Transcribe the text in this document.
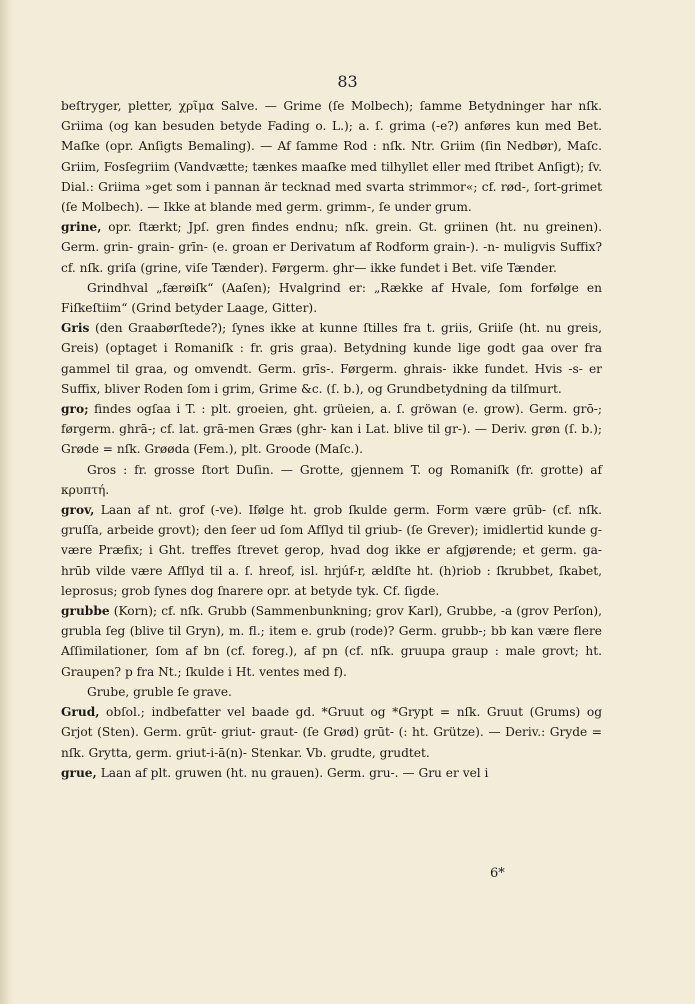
83

beſtryger, pletter, χρῖμα Salve. — Grime (ſe Molbech); ſamme Betydninger har nſk. Griima (og kan besuden betyde Fading o. L.); a. ſ. grima (-e?) anføres kun med Bet. Maſke (opr. Anſigts Bemaling). — Af ſamme Rod : nſk. Ntr. Griim (ſin Nedbør), Maſc. Griim, Fosſegriim (Vandvætte; tænkes maaſke med tilhyllet eller med ſtribet Anſigt); ſv. Dial.: Griima »get som i pannan är tecknad med svarta strimmor«; cf. rød-, ſort-grimet (ſe Molbech). — Ikke at blande med germ. grimm-, ſe under grum.

grine, opr. ſtærkt; Jpſ. gren findes endnu; nſk. grein. Gt. griinen (ht. nu greinen). Germ. grin- grain- grīn- (e. groan er Derivatum af Rodform grain-). -n- muligvis Suffix? cf. nſk. griſa (grine, viſe Tænder). Førgerm. ghr— ikke fundet i Bet. viſe Tænder.

Grindhval „færøiſk“ (Aaſen); Hvalgrind er: „Række af Hvale, ſom forfølge en Fiſkeſtiim“ (Grind betyder Laage, Gitter).

Gris (den Graabørſtede?); ſynes ikke at kunne ſtilles fra t. griis, Griiſe (ht. nu greis, Greis) (optaget i Romaniſk : fr. gris graa). Betydning kunde lige godt gaa over fra gammel til graa, og omvendt. Germ. grīs-. Førgerm. ghrais- ikke fundet. Hvis -s- er Suffix, bliver Roden ſom i grim, Grime &c. (ſ. b.), og Grundbetydning da tilſmurt.

gro; findes ogſaa i T. : plt. groeien, ght. grüeien, a. ſ. gröwan (e. grow). Germ. grō-; førgerm. ghrā-; cf. lat. grā-men Græs (ghr- kan i Lat. blive til gr-). — Deriv. grøn (ſ. b.); Grøde = nſk. Grøøda (Fem.), plt. Groode (Maſc.).

Gros : fr. grosse ſtort Duſin. — Grotte, gjennem T. og Romaniſk (fr. grotte) af κρυπτή.

grov, Laan af nt. grof (-ve). Ifølge ht. grob ſkulde germ. Form være grūb- (cf. nſk. gruſſa, arbeide grovt); den ſeer ud ſom Afſlyd til griub- (ſe Grever); imidlertid kunde g- være Præfix; i Ght. treffes ſtrevet gerop, hvad dog ikke er afgjørende; et germ. ga-hrūb vilde være Afſlyd til a. ſ. hreof, isl. hrjúf-r, ældſte ht. (h)riob : ſkrubbet, ſkabet, leprosus; grob ſynes dog ſnarere opr. at betyde tyk. Cf. ſigde.

grubbe (Korn); cf. nſk. Grubb (Sammenbunkning; grov Karl), Grubbe, -a (grov Perſon), grubla ſeg (blive til Gryn), m. fl.; item e. grub (rode)? Germ. grubb-; bb kan være flere Aſſimilationer, ſom af bn (cf. foreg.), af pn (cf. nſk. gruupa graup : male grovt; ht. Graupen? p fra Nt.; ſkulde i Ht. ventes med f).

Grube, gruble ſe grave.

Grud, obſol.; indbefatter vel baade gd. *Gruut og *Grypt = nſk. Gruut (Grums) og Grjot (Sten). Germ. grūt- griut- graut- (ſe Grød) grūt- (: ht. Grütze). — Deriv.: Gryde = nſk. Grytta, germ. griut-i-ā(n)- Stenkar. Vb. grudte, grudtet.

grue, Laan af plt. gruwen (ht. nu grauen). Germ. gru-. — Gru er vel i

6*
